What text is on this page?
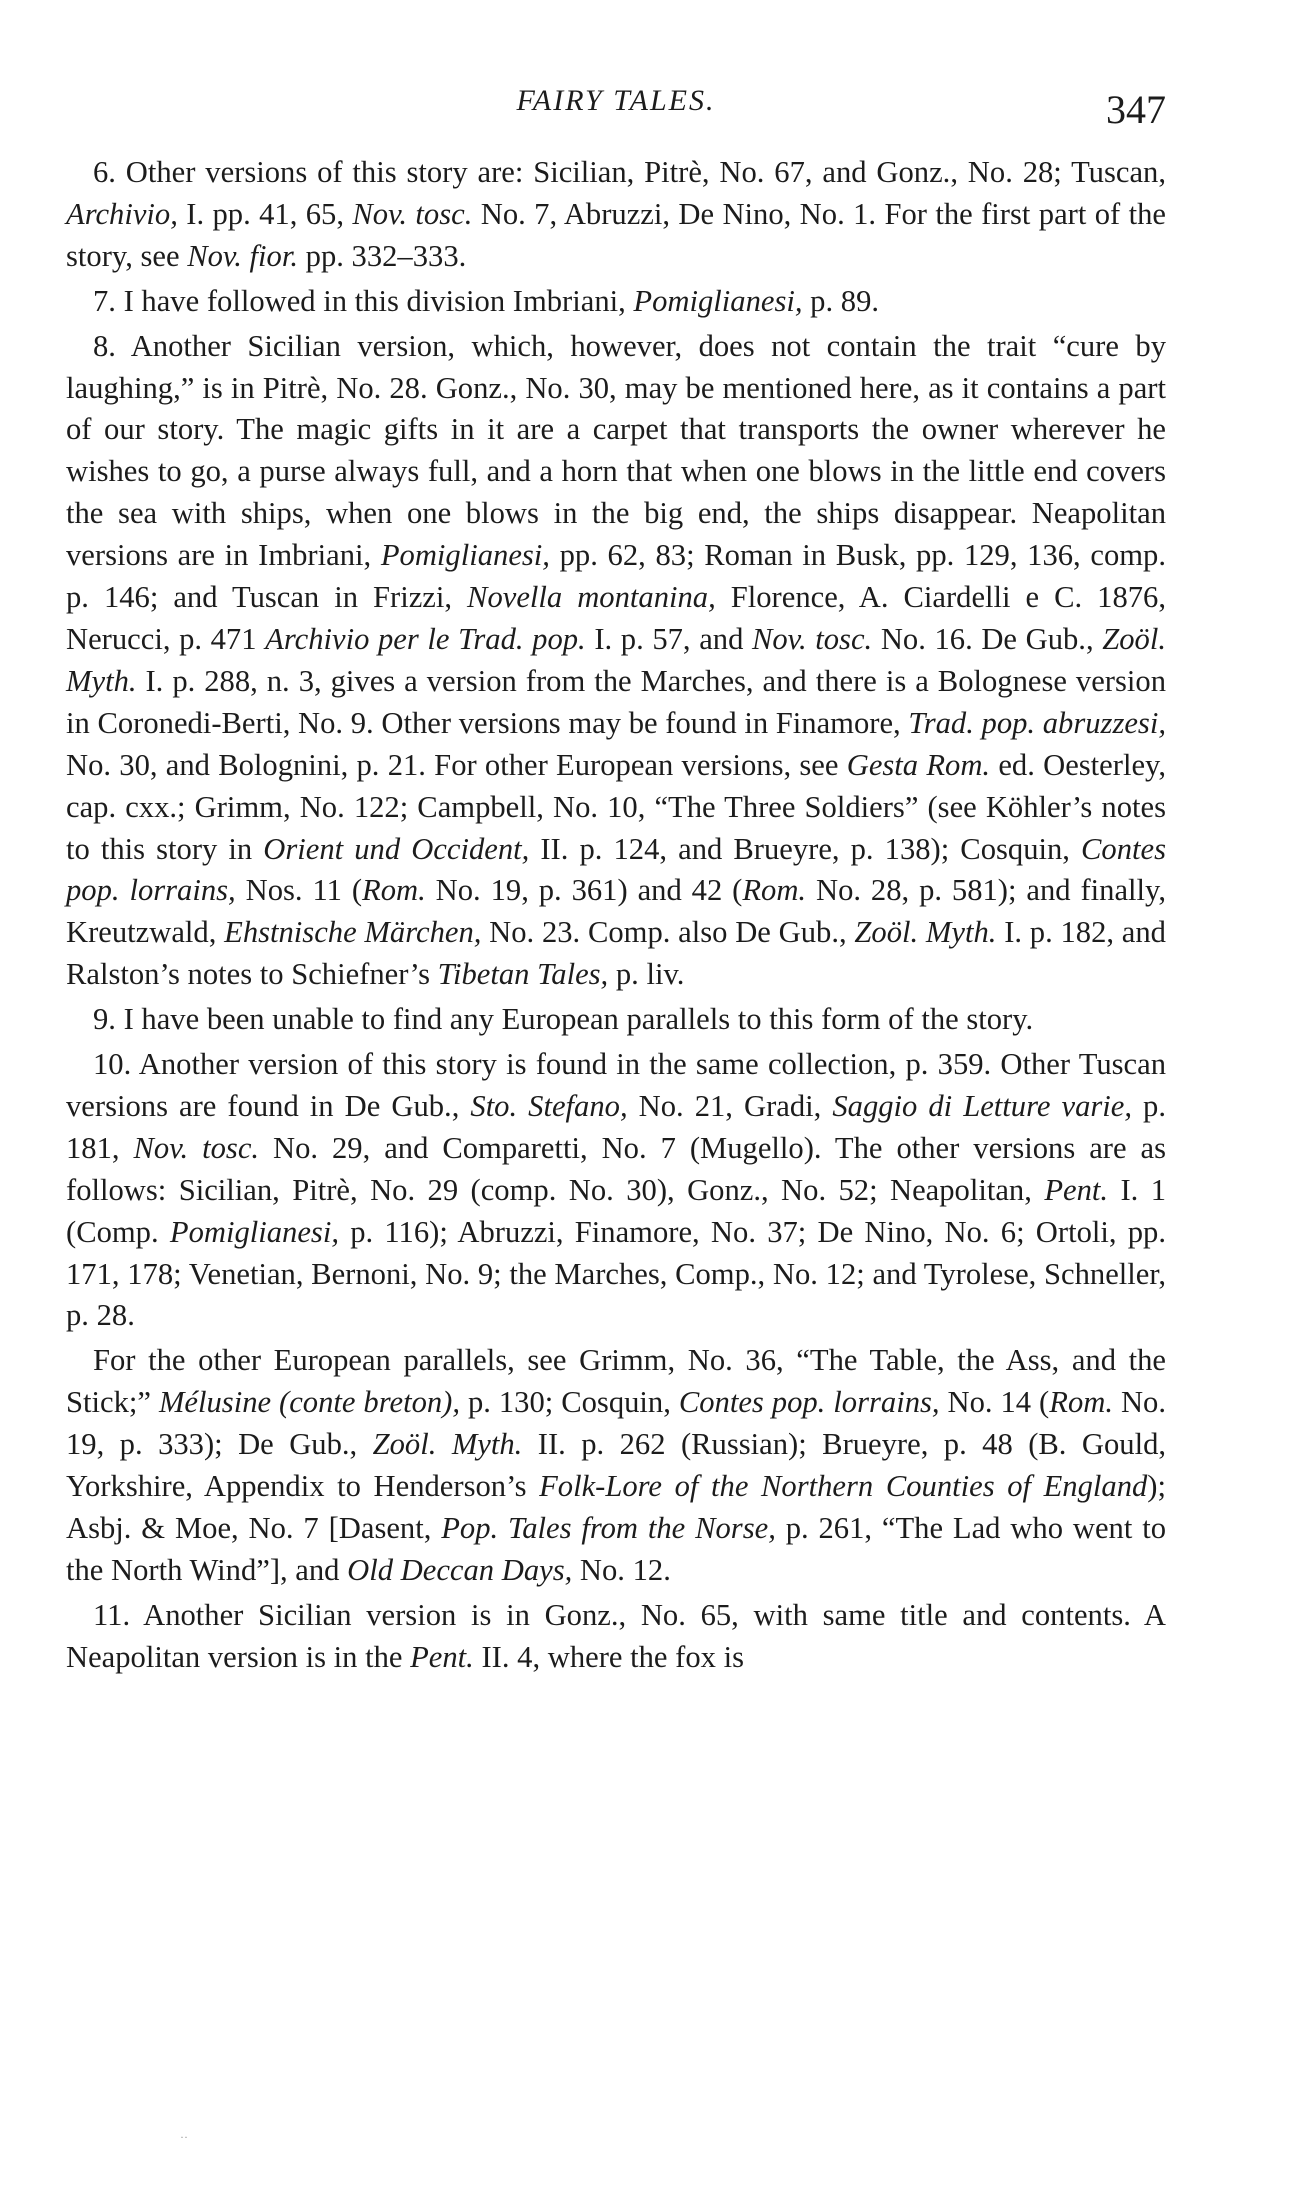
FAIRY TALES.	347

6. Other versions of this story are: Sicilian, Pitrè, No. 67, and Gonz., No. 28; Tuscan, Archivio, I. pp. 41, 65, Nov. tosc. No. 7, Abruzzi, De Nino, No. 1. For the first part of the story, see Nov. fior. pp. 332–333.

7. I have followed in this division Imbriani, Pomiglianesi, p. 89.

8. Another Sicilian version, which, however, does not contain the trait “cure by laughing,” is in Pitrè, No. 28. Gonz., No. 30, may be mentioned here, as it contains a part of our story. The magic gifts in it are a carpet that transports the owner wherever he wishes to go, a purse always full, and a horn that when one blows in the little end covers the sea with ships, when one blows in the big end, the ships disappear. Neapolitan versions are in Imbriani, Pomiglianesi, pp. 62, 83; Roman in Busk, pp. 129, 136, comp. p. 146; and Tuscan in Frizzi, Novella montanina, Florence, A. Ciardelli e C. 1876, Nerucci, p. 471 Archivio per le Trad. pop. I. p. 57, and Nov. tosc. No. 16. De Gub., Zoöl. Myth. I. p. 288, n. 3, gives a version from the Marches, and there is a Bolognese version in Coronedi-Berti, No. 9. Other versions may be found in Finamore, Trad. pop. abruzzesi, No. 30, and Bolognini, p. 21. For other European versions, see Gesta Rom. ed. Oesterley, cap. cxx.; Grimm, No. 122; Campbell, No. 10, “The Three Soldiers” (see Köhler’s notes to this story in Orient und Occident, II. p. 124, and Brueyre, p. 138); Cosquin, Contes pop. lorrains, Nos. 11 (Rom. No. 19, p. 361) and 42 (Rom. No. 28, p. 581); and finally, Kreutzwald, Ehstnische Märchen, No. 23. Comp. also De Gub., Zoöl. Myth. I. p. 182, and Ralston’s notes to Schiefner’s Tibetan Tales, p. liv.

9. I have been unable to find any European parallels to this form of the story.

10. Another version of this story is found in the same collection, p. 359. Other Tuscan versions are found in De Gub., Sto. Stefano, No. 21, Gradi, Saggio di Letture varie, p. 181, Nov. tosc. No. 29, and Comparetti, No. 7 (Mugello). The other versions are as follows: Sicilian, Pitrè, No. 29 (comp. No. 30), Gonz., No. 52; Neapolitan, Pent. I. 1 (Comp. Pomiglianesi, p. 116); Abruzzi, Finamore, No. 37; De Nino, No. 6; Ortoli, pp. 171, 178; Venetian, Bernoni, No. 9; the Marches, Comp., No. 12; and Tyrolese, Schneller, p. 28.

For the other European parallels, see Grimm, No. 36, “The Table, the Ass, and the Stick;” Mélusine (conte breton), p. 130; Cosquin, Contes pop. lorrains, No. 14 (Rom. No. 19, p. 333); De Gub., Zoöl. Myth. II. p. 262 (Russian); Brueyre, p. 48 (B. Gould, Yorkshire, Appendix to Henderson’s Folk-Lore of the Northern Counties of England); Asbj. & Moe, No. 7 [Dasent, Pop. Tales from the Norse, p. 261, “The Lad who went to the North Wind”], and Old Deccan Days, No. 12.

11. Another Sicilian version is in Gonz., No. 65, with same title and contents. A Neapolitan version is in the Pent. II. 4, where the fox is

··
